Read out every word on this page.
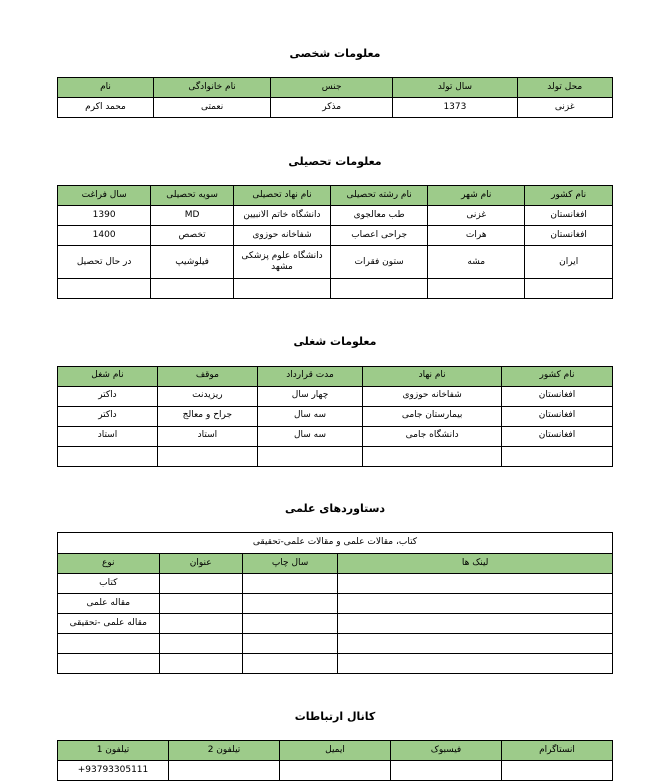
معلومات شخصی
محل تولد	سال تولد	جنس	نام خانوادگی	نام
غزنی	1373	مذکر	نعمتی	محمد اکرم
معلومات تحصیلی
نام کشور	نام شهر	نام رشته تحصیلی	نام نهاد تحصیلی	سویه تحصیلی	سال فراغت
افغانستان	غزنی	طب معالجوی	دانشگاه خاتم الانبیین	MD	1390
افغانستان	هرات	جراحی اعصاب	شفاخانه حوزوی	تخصص	1400
ایران	مشه	ستون فقرات	دانشگاه علوم پزشکی مشهد	فیلوشیپ	در حال تحصیل

معلومات شغلی
نام کشور	نام نهاد	مدت قرارداد	موقف	نام شغل
افغانستان	شفاخانه حوزوی	چهار سال	ریزیدنت	داکتر
افغانستان	بیمارستان جامی	سه سال	جراح و معالج	داکتر
افغانستان	دانشگاه جامی	سه سال	استاد	استاد

دستاوردهای علمی
کتاب، مقالات علمی و مقالات علمی-تحقیقی			
لینک ها	سال چاپ	عنوان	نوع
			کتاب
			مقاله علمی
			مقاله علمی -تحقیقی

کانال ارتباطات
انستاگرام	فیسبوک	ایمیل	تیلفون 2	تیلفون 1
				+93793305111
